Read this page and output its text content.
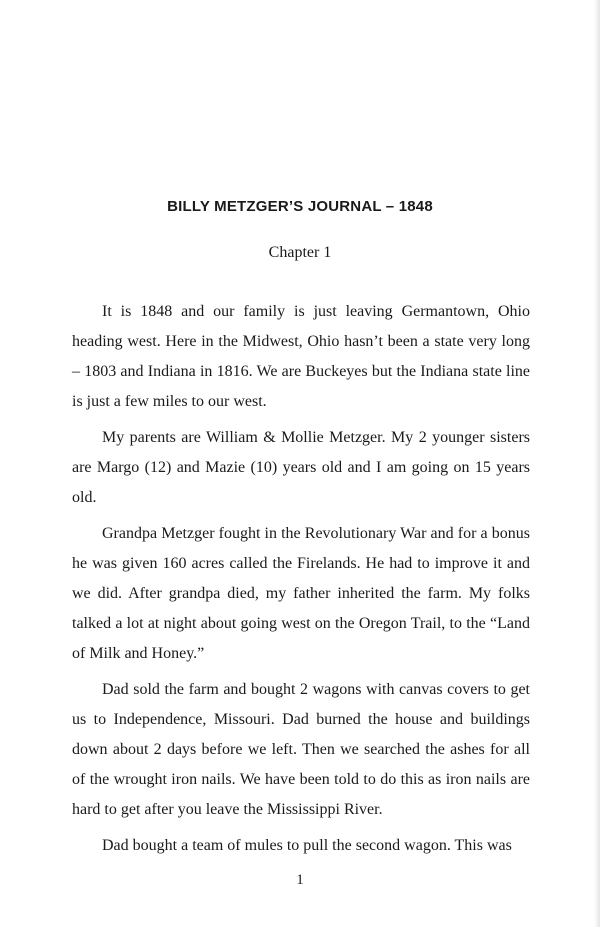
BILLY METZGER’S JOURNAL – 1848
Chapter 1

It is 1848 and our family is just leaving Germantown, Ohio heading west. Here in the Midwest, Ohio hasn’t been a state very long – 1803 and Indiana in 1816. We are Buckeyes but the Indiana state line is just a few miles to our west.

My parents are William & Mollie Metzger. My 2 younger sisters are Margo (12) and Mazie (10) years old and I am going on 15 years old.

Grandpa Metzger fought in the Revolutionary War and for a bonus he was given 160 acres called the Firelands. He had to improve it and we did. After grandpa died, my father inherited the farm. My folks talked a lot at night about going west on the Oregon Trail, to the “Land of Milk and Honey.”

Dad sold the farm and bought 2 wagons with canvas covers to get us to Independence, Missouri. Dad burned the house and buildings down about 2 days before we left. Then we searched the ashes for all of the wrought iron nails. We have been told to do this as iron nails are hard to get after you leave the Mississippi River.

Dad bought a team of mules to pull the second wagon. This was

1
